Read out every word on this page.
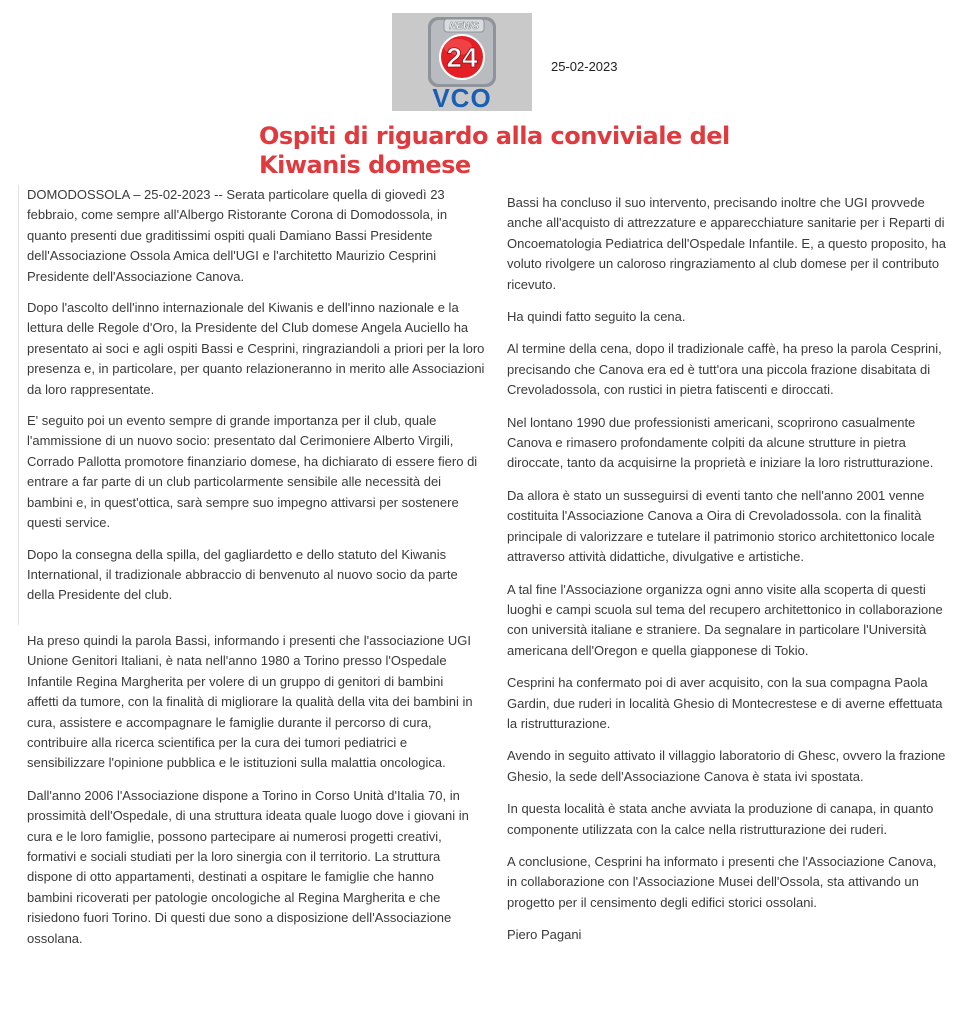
NEWS
24
VCO
25-02-2023
Ospiti di riguardo alla conviviale del Kiwanis domese

DOMODOSSOLA – 25-02-2023 -- Serata particolare quella di giovedì 23 febbraio, come sempre all'Albergo Ristorante Corona di Domodossola, in quanto presenti due graditissimi ospiti quali Damiano Bassi Presidente dell'Associazione Ossola Amica dell'UGI e l'architetto Maurizio Cesprini Presidente dell'Associazione Canova.

Dopo l'ascolto dell'inno internazionale del Kiwanis e dell'inno nazionale e la lettura delle Regole d'Oro, la Presidente del Club domese Angela Auciello ha presentato ai soci e agli ospiti Bassi e Cesprini, ringraziandoli a priori per la loro presenza e, in particolare, per quanto relazioneranno in merito alle Associazioni da loro rappresentate.

E' seguito poi un evento sempre di grande importanza per il club, quale l'ammissione di un nuovo socio: presentato dal Cerimoniere Alberto Virgili, Corrado Pallotta promotore finanziario domese, ha dichiarato di essere fiero di entrare a far parte di un club particolarmente sensibile alle necessità dei bambini e, in quest'ottica, sarà sempre suo impegno attivarsi per sostenere questi service.

Dopo la consegna della spilla, del gagliardetto e dello statuto del Kiwanis International, il tradizionale abbraccio di benvenuto al nuovo socio da parte della Presidente del club.

Ha preso quindi la parola Bassi, informando i presenti che l'associazione UGI Unione Genitori Italiani, è nata nell'anno 1980 a Torino presso l'Ospedale Infantile Regina Margherita per volere di un gruppo di genitori di bambini affetti da tumore, con la finalità di migliorare la qualità della vita dei bambini in cura, assistere e accompagnare le famiglie durante il percorso di cura, contribuire alla ricerca scientifica per la cura dei tumori pediatrici e sensibilizzare l'opinione pubblica e le istituzioni sulla malattia oncologica.

Dall'anno 2006 l'Associazione dispone a Torino in Corso Unità d'Italia 70, in prossimità dell'Ospedale, di una struttura ideata quale luogo dove i giovani in cura e le loro famiglie, possono partecipare ai numerosi progetti creativi, formativi e sociali studiati per la loro sinergia con il territorio. La struttura dispone di otto appartamenti, destinati a ospitare le famiglie che hanno bambini ricoverati per patologie oncologiche al Regina Margherita e che risiedono fuori Torino. Di questi due sono a disposizione dell'Associazione ossolana.

Bassi ha concluso il suo intervento, precisando inoltre che UGI provvede anche all'acquisto di attrezzature e apparecchiature sanitarie per i Reparti di Oncoematologia Pediatrica dell'Ospedale Infantile. E, a questo proposito, ha voluto rivolgere un caloroso ringraziamento al club domese per il contributo ricevuto.

Ha quindi fatto seguito la cena.

Al termine della cena, dopo il tradizionale caffè, ha preso la parola Cesprini, precisando che Canova era ed è tutt'ora una piccola frazione disabitata di Crevoladossola, con rustici in pietra fatiscenti e diroccati.

Nel lontano 1990 due professionisti americani, scoprirono casualmente Canova e rimasero profondamente colpiti da alcune strutture in pietra diroccate, tanto da acquisirne la proprietà e iniziare la loro ristrutturazione.

Da allora è stato un susseguirsi di eventi tanto che nell'anno 2001 venne costituita l'Associazione Canova a Oira di Crevoladossola. con la finalità principale di valorizzare e tutelare il patrimonio storico architettonico locale attraverso attività didattiche, divulgative e artistiche.

A tal fine l'Associazione organizza ogni anno visite alla scoperta di questi luoghi e campi scuola sul tema del recupero architettonico in collaborazione con università italiane e straniere. Da segnalare in particolare l'Università americana dell'Oregon e quella giapponese di Tokio.

Cesprini ha confermato poi di aver acquisito, con la sua compagna Paola Gardin, due ruderi in località Ghesio di Montecrestese e di averne effettuata la ristrutturazione.

Avendo in seguito attivato il villaggio laboratorio di Ghesc, ovvero la frazione Ghesio, la sede dell'Associazione Canova è stata ivi spostata.

In questa località è stata anche avviata la produzione di canapa, in quanto componente utilizzata con la calce nella ristrutturazione dei ruderi.

A conclusione, Cesprini ha informato i presenti che l'Associazione Canova, in collaborazione con l'Associazione Musei dell'Ossola, sta attivando un progetto per il censimento degli edifici storici ossolani.

Piero Pagani
